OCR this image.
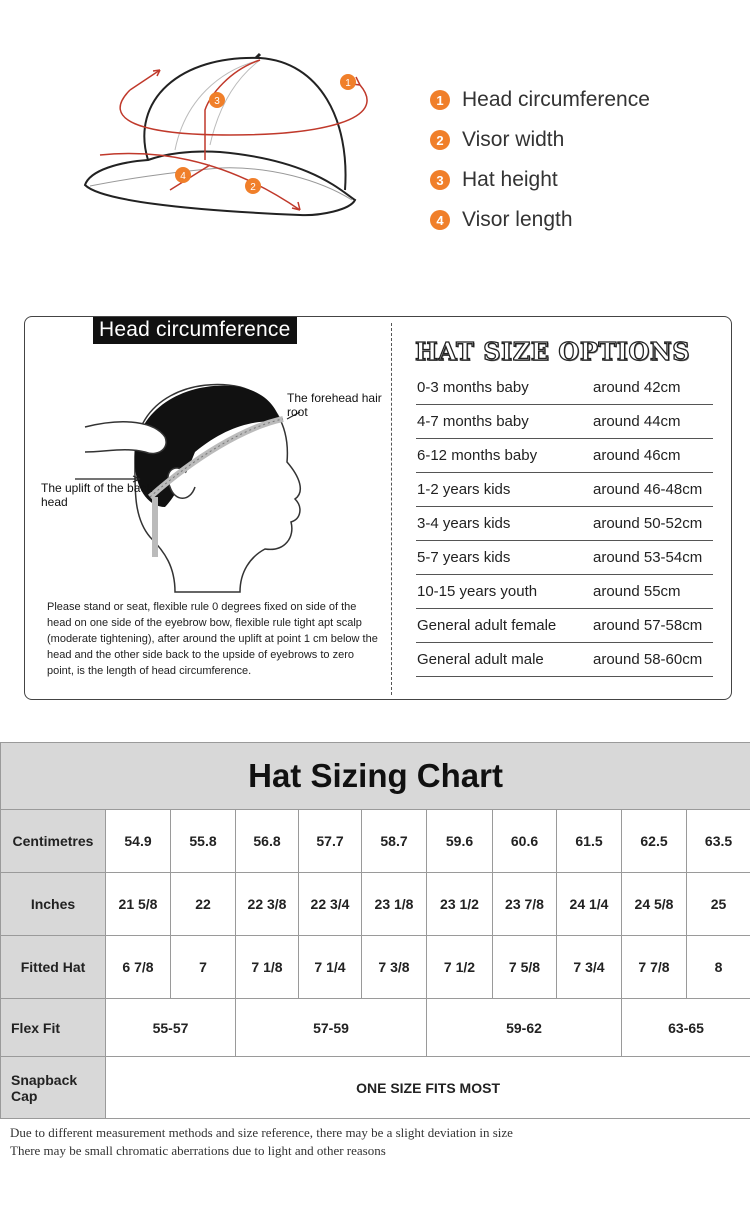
1
2
3
4
1 Head circumference
2 Visor width
3 Hat height
4 Visor length
Head circumference
The forehead hair root
The uplift of the back head
Please stand or seat, flexible rule 0 degrees fixed on side of the head on one side of the eyebrow bow, flexible rule tight apt scalp (moderate tightening), after around the uplift at point 1 cm below the head and the other side back to the upside of eyebrows to zero point, is the length of head circumference.
HAT SIZE OPTIONS
0-3 months baby	around 42cm
4-7 months baby	around 44cm
6-12 months baby	around 46cm
1-2 years kids	around 46-48cm
3-4 years kids	around 50-52cm
5-7 years kids	around 53-54cm
10-15 years youth	around 55cm
General adult female around 57-58cm
General adult male	around 58-60cm
Hat Sizing Chart										
Centimetres	54.9	55.8	56.8	57.7	58.7	59.6	60.6	61.5	62.5	63.5
Inches	21 5/8	22	22 3/8	22 3/4	23 1/8	23 1/2	23 7/8	24 1/4	24 5/8	25
Fitted Hat	6 7/8	7	7 1/8	7 1/4	7 3/8	7 1/2	7 5/8	7 3/4	7 7/8	8
Flex Fit	55-57		57-59			59-62			63-65	
Snapback Cap	ONE SIZE FITS MOST									
Due to different measurement methods and size reference, there may be a slight deviation in size
There may be small chromatic aberrations due to light and other reasons
